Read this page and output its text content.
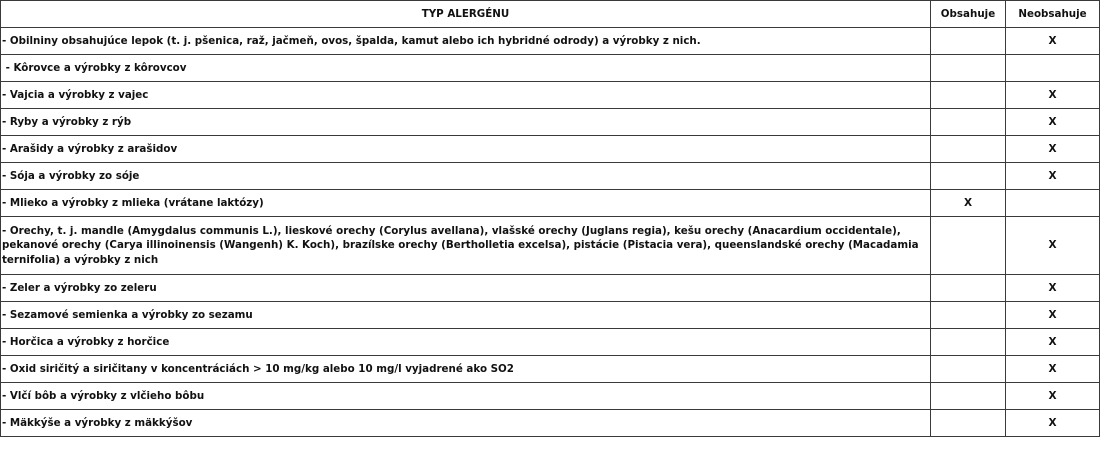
TYP ALERGÉNU	Obsahuje	Neobsahuje
- Obilniny obsahujúce lepok (t. j. pšenica, raž, jačmeň, ovos, špalda, kamut alebo ich hybridné odrody) a výrobky z nich.		X
- Kôrovce a výrobky z kôrovcov		
- Vajcia a výrobky z vajec		X
- Ryby a výrobky z rýb		X
- Arašidy a výrobky z arašidov		X
- Sója a výrobky zo sóje		X
- Mlieko a výrobky z mlieka (vrátane laktózy)	X	
- Orechy, t. j. mandle (Amygdalus communis L.), lieskové orechy (Corylus avellana), vlašské orechy (Juglans regia), kešu orechy (Anacardium occidentale), pekanové orechy (Carya illinoinensis (Wangenh) K. Koch), brazílske orechy (Bertholletia excelsa), pistácie (Pistacia vera), queenslandské orechy (Macadamia ternifolia) a výrobky z nich		X
- Zeler a výrobky zo zeleru		X
- Sezamové semienka a výrobky zo sezamu		X
- Horčica a výrobky z horčice		X
- Oxid siričitý a siričitany v koncentráciách > 10 mg/kg alebo 10 mg/l vyjadrené ako SO2		X
- Vlčí bôb a výrobky z vlčieho bôbu		X
- Mäkkýše a výrobky z mäkkýšov		X
